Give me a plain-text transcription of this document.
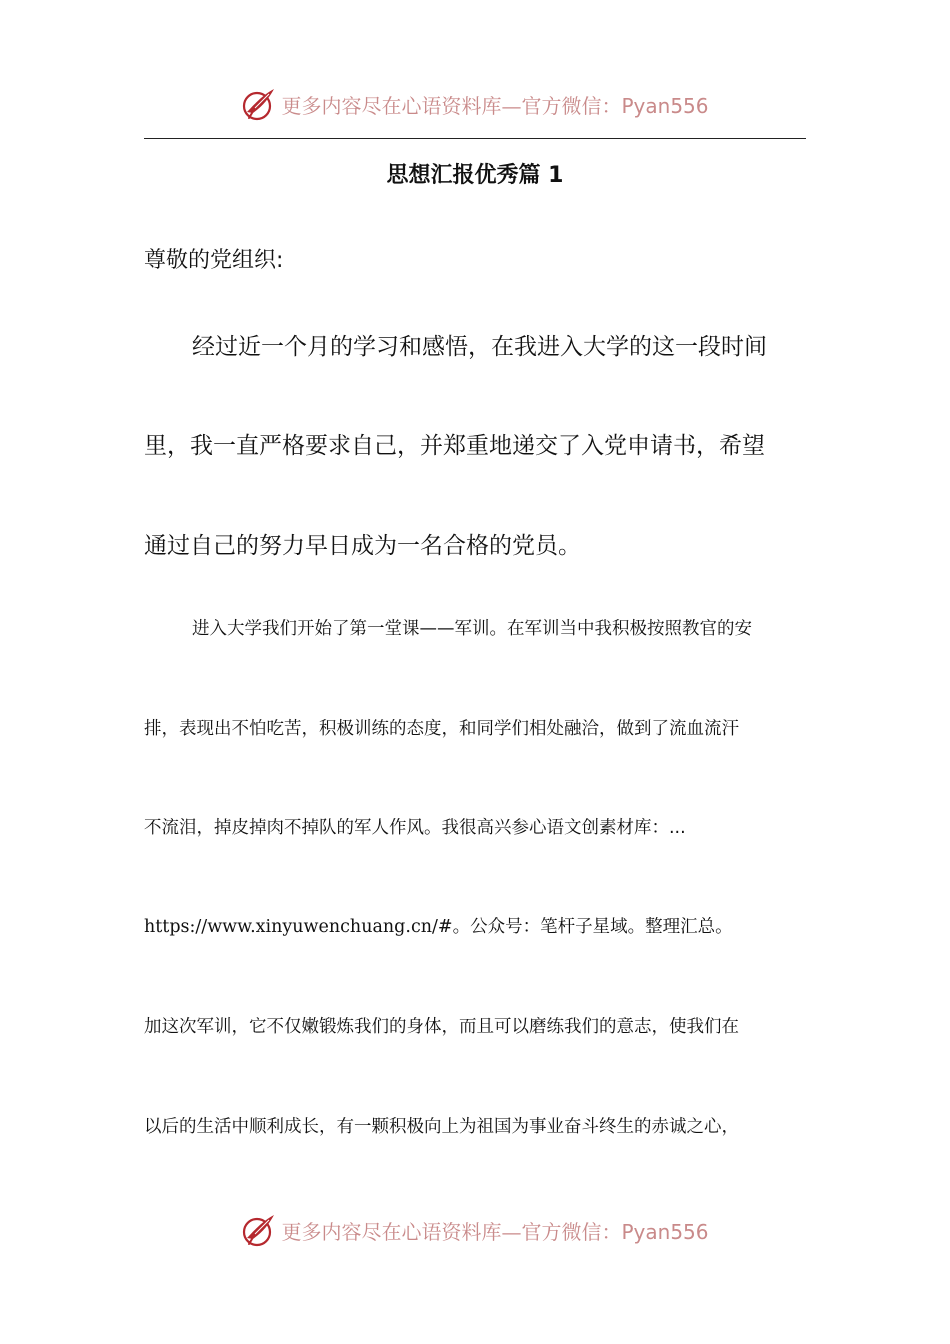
更多内容尽在心语资料库—官方微信：Pyan556
思想汇报优秀篇 1
尊敬的党组织:
经过近一个月的学习和感悟，在我进入大学的这一段时间
里，我一直严格要求自己，并郑重地递交了入党申请书，希望
通过自己的努力早日成为一名合格的党员。
进入大学我们开始了第一堂课——军训。在军训当中我积极按照教官的安
排，表现出不怕吃苦，积极训练的态度，和同学们相处融洽，做到了流血流汗
不流泪，掉皮掉肉不掉队的军人作风。我很高兴参心语文创素材库：...
https://www.xinyuwenchuang.cn/#。公众号：笔杆子星域。整理汇总。
加这次军训，它不仅嫩锻炼我们的身体，而且可以磨练我们的意志，使我们在
以后的生活中顺利成长，有一颗积极向上为祖国为事业奋斗终生的赤诚之心，
更多内容尽在心语资料库—官方微信：Pyan556
